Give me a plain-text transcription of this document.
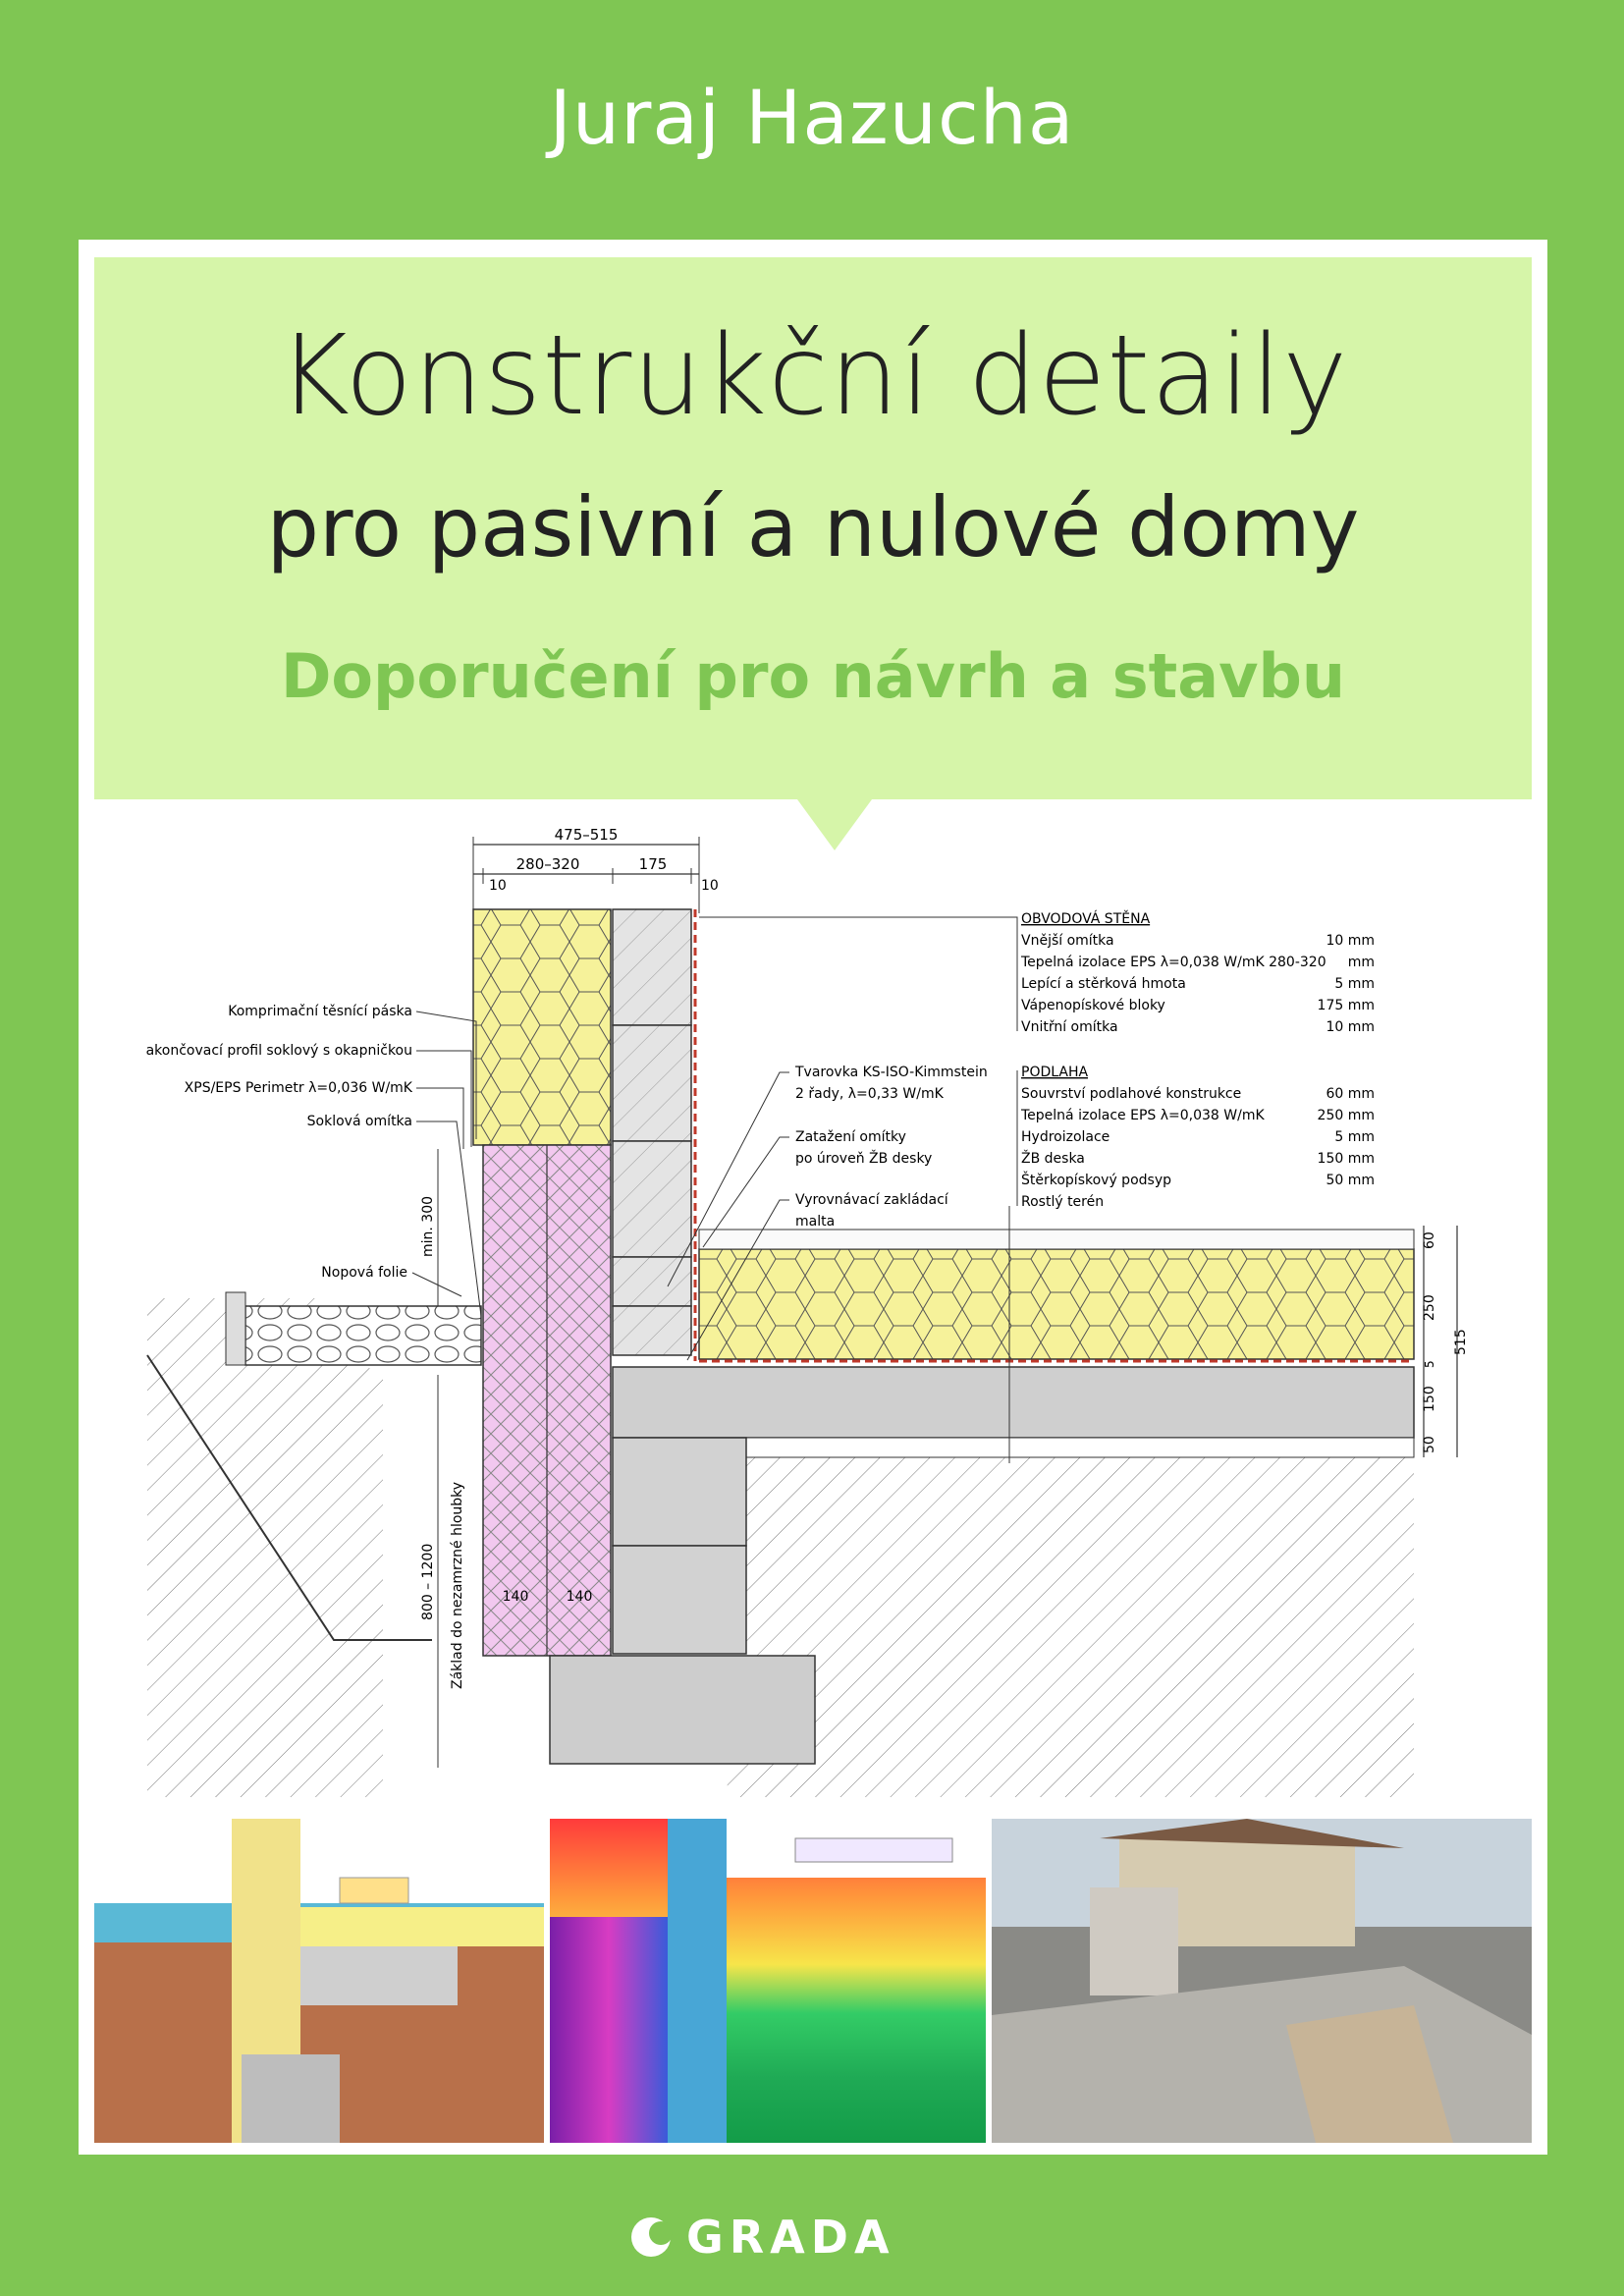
Juraj Hazucha
Konstrukční detaily
pro pasivní a nulové domy
Doporučení pro návrh a stavbu
475–515
280–320	175
10	10
60
250
5
150
50
515
min. 300
800 – 1200 Základ do nezamrzné hloubky	140	140
Komprimační těsnící páska
akončovací profil soklový s okapničkou
XPS/EPS Perimetr λ=0,036 W/mK
Soklová omítka
Nopová folie
Tvarovka KS-ISO-Kimmstein
2 řady, λ=0,33 W/mK
Zatažení omítky
po úroveň ŽB desky
Vyrovnávací zakládací
malta
OBVODOVÁ STĚNA
Vnější omítka	10 mm
Tepelná izolace EPS λ=0,038 W/mK 280-320 mm
Lepící a stěrková hmota	5 mm
Vápenopískové bloky	175 mm
Vnitřní omítka	10 mm
PODLAHA
Souvrství podlahové konstrukce	60 mm
Tepelná izolace EPS λ=0,038 W/mK	250 mm
Hydroizolace	5 mm
ŽB deska	150 mm
Štěrkopískový podsyp	50 mm
Rostlý terén
GRADA
